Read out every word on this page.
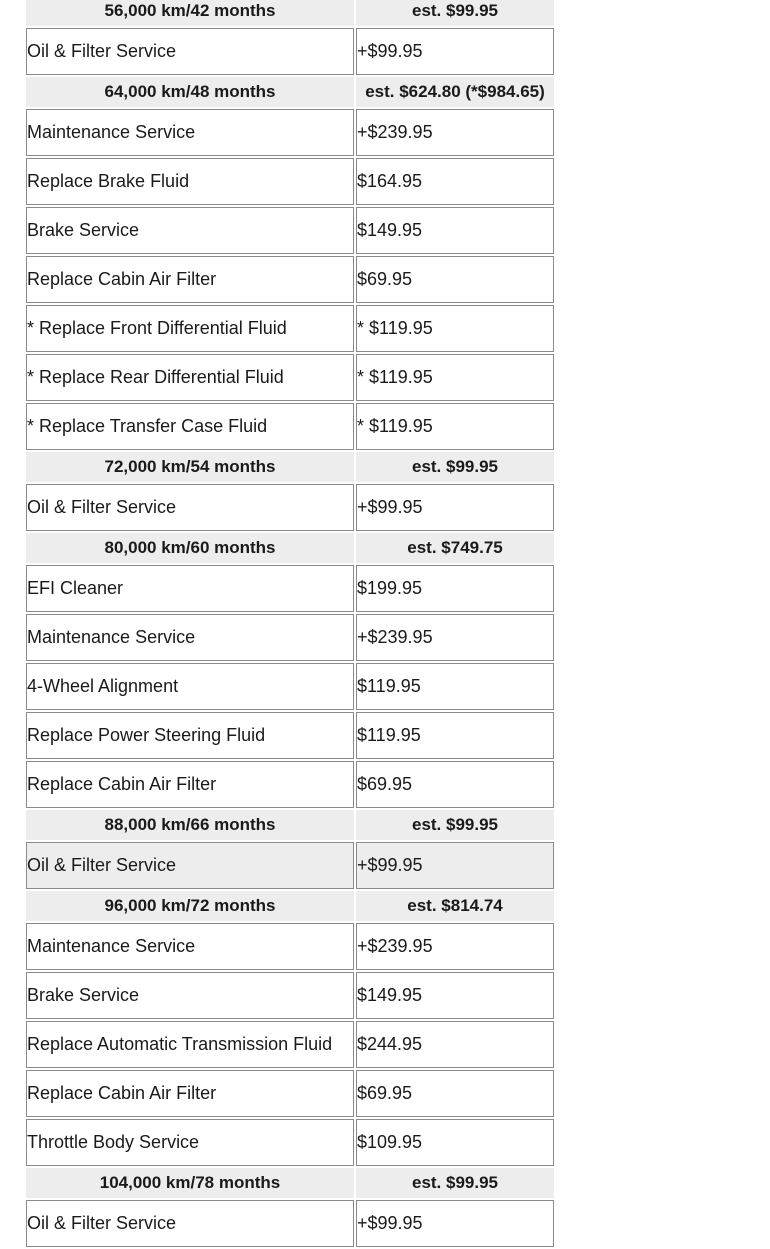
56,000 km/42 months	est. $99.95
Oil & Filter Service	+$99.95
64,000 km/48 months	est. $624.80 (*$984.65)
Maintenance Service	+$239.95
Replace Brake Fluid	$164.95
Brake Service	$149.95
Replace Cabin Air Filter	$69.95
* Replace Front Differential Fluid	* $119.95
* Replace Rear Differential Fluid	* $119.95
* Replace Transfer Case Fluid	* $119.95
72,000 km/54 months	est. $99.95
Oil & Filter Service	+$99.95
80,000 km/60 months	est. $749.75
EFI Cleaner	$199.95
Maintenance Service	+$239.95
4-Wheel Alignment	$119.95
Replace Power Steering Fluid	$119.95
Replace Cabin Air Filter	$69.95
88,000 km/66 months	est. $99.95
Oil & Filter Service	+$99.95
96,000 km/72 months	est. $814.74
Maintenance Service	+$239.95
Brake Service	$149.95
Replace Automatic Transmission Fluid	$244.95
Replace Cabin Air Filter	$69.95
Throttle Body Service	$109.95
104,000 km/78 months	est. $99.95
Oil & Filter Service	+$99.95
